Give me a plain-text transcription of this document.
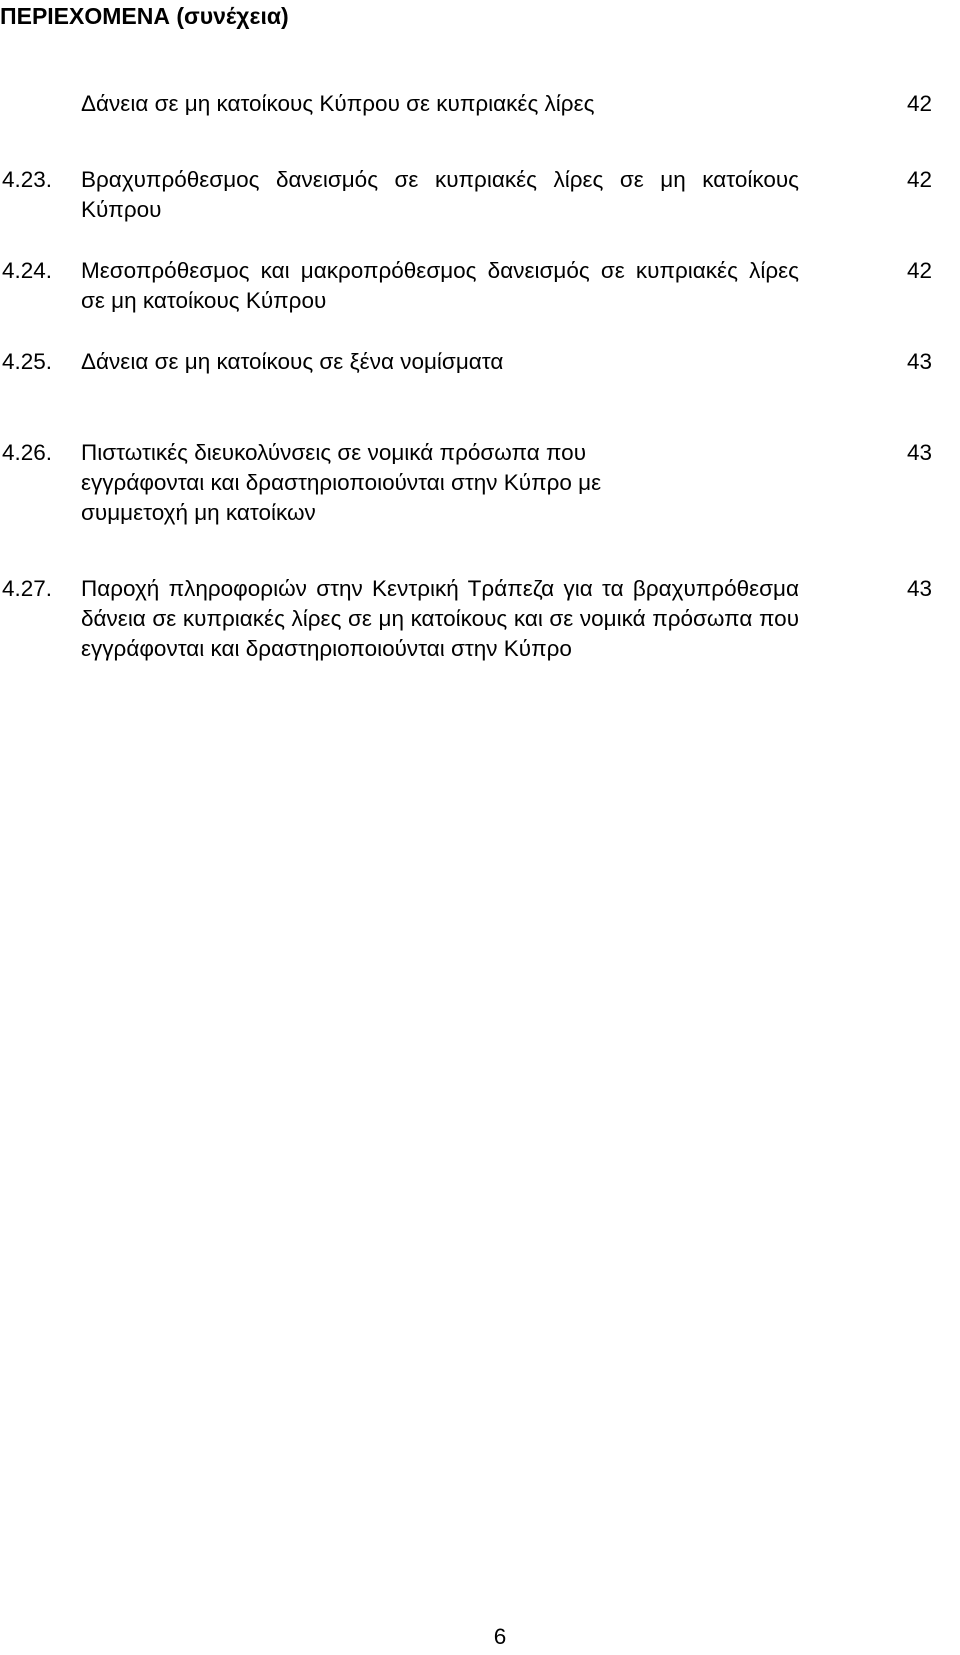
ΠΕΡΙΕΧΟΜΕΝΑ (συνέχεια)
Δάνεια σε μη κατοίκους Κύπρου σε κυπριακές λίρες	42
4.23. Βραχυπρόθεσμος δανεισμός σε κυπριακές λίρες σε μη κατοίκους Κύπρου
42
4.24. Μεσοπρόθεσμος και μακροπρόθεσμος δανεισμός σε κυπριακές λίρες σε μη κατοίκους Κύπρου
42
4.25. Δάνεια σε μη κατοίκους σε ξένα νομίσματα	43
4.26. Πιστωτικές διευκολύνσεις σε νομικά πρόσωπα που εγγράφονται και δραστηριοποιούνται στην Κύπρο με συμμετοχή μη κατοίκων
43
4.27. Παροχή πληροφοριών στην Κεντρική Τράπεζα για τα βραχυπρόθεσμα δάνεια σε κυπριακές λίρες σε μη κατοίκους και σε νομικά πρόσωπα που εγγράφονται και δραστηριοποιούνται στην Κύπρο
43
6
